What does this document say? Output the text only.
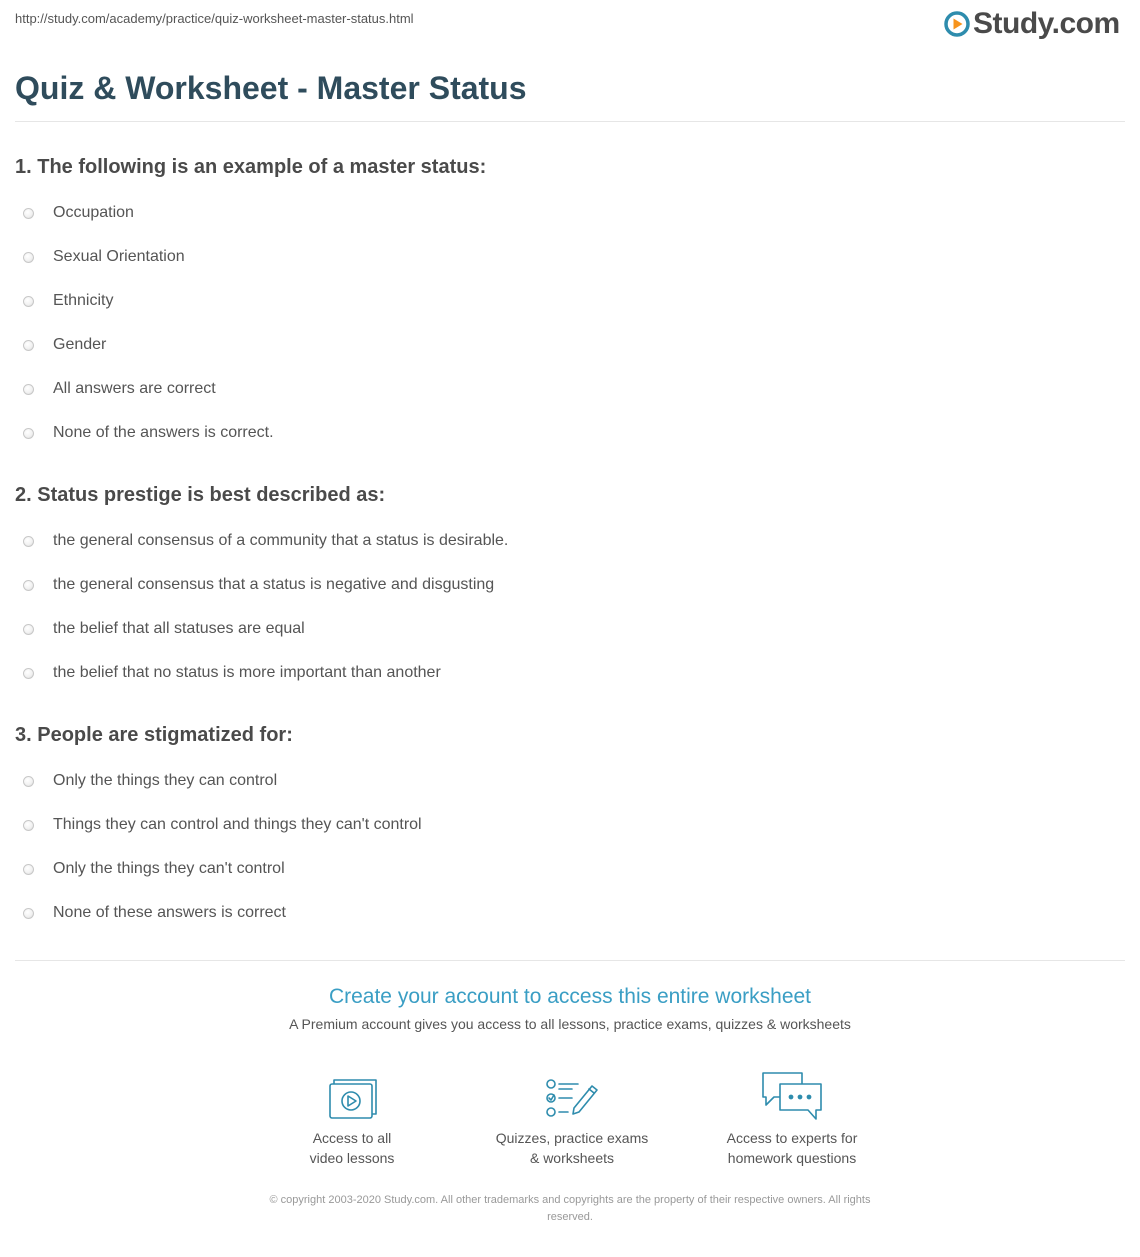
http://study.com/academy/practice/quiz-worksheet-master-status.html	Study.com
Quiz & Worksheet - Master Status
1. The following is an example of a master status:
Occupation
Sexual Orientation
Ethnicity
Gender
All answers are correct
None of the answers is correct.
2. Status prestige is best described as:
the general consensus of a community that a status is desirable.
the general consensus that a status is negative and disgusting
the belief that all statuses are equal
the belief that no status is more important than another
3. People are stigmatized for:
Only the things they can control
Things they can control and things they can't control
Only the things they can't control
None of these answers is correct
Create your account to access this entire worksheet
A Premium account gives you access to all lessons, practice exams, quizzes & worksheets
Access to all
video lessons
Quizzes, practice exams
& worksheets
Access to experts for
homework questions
© copyright 2003-2020 Study.com. All other trademarks and copyrights are the property of their respective owners. All rights
reserved.
